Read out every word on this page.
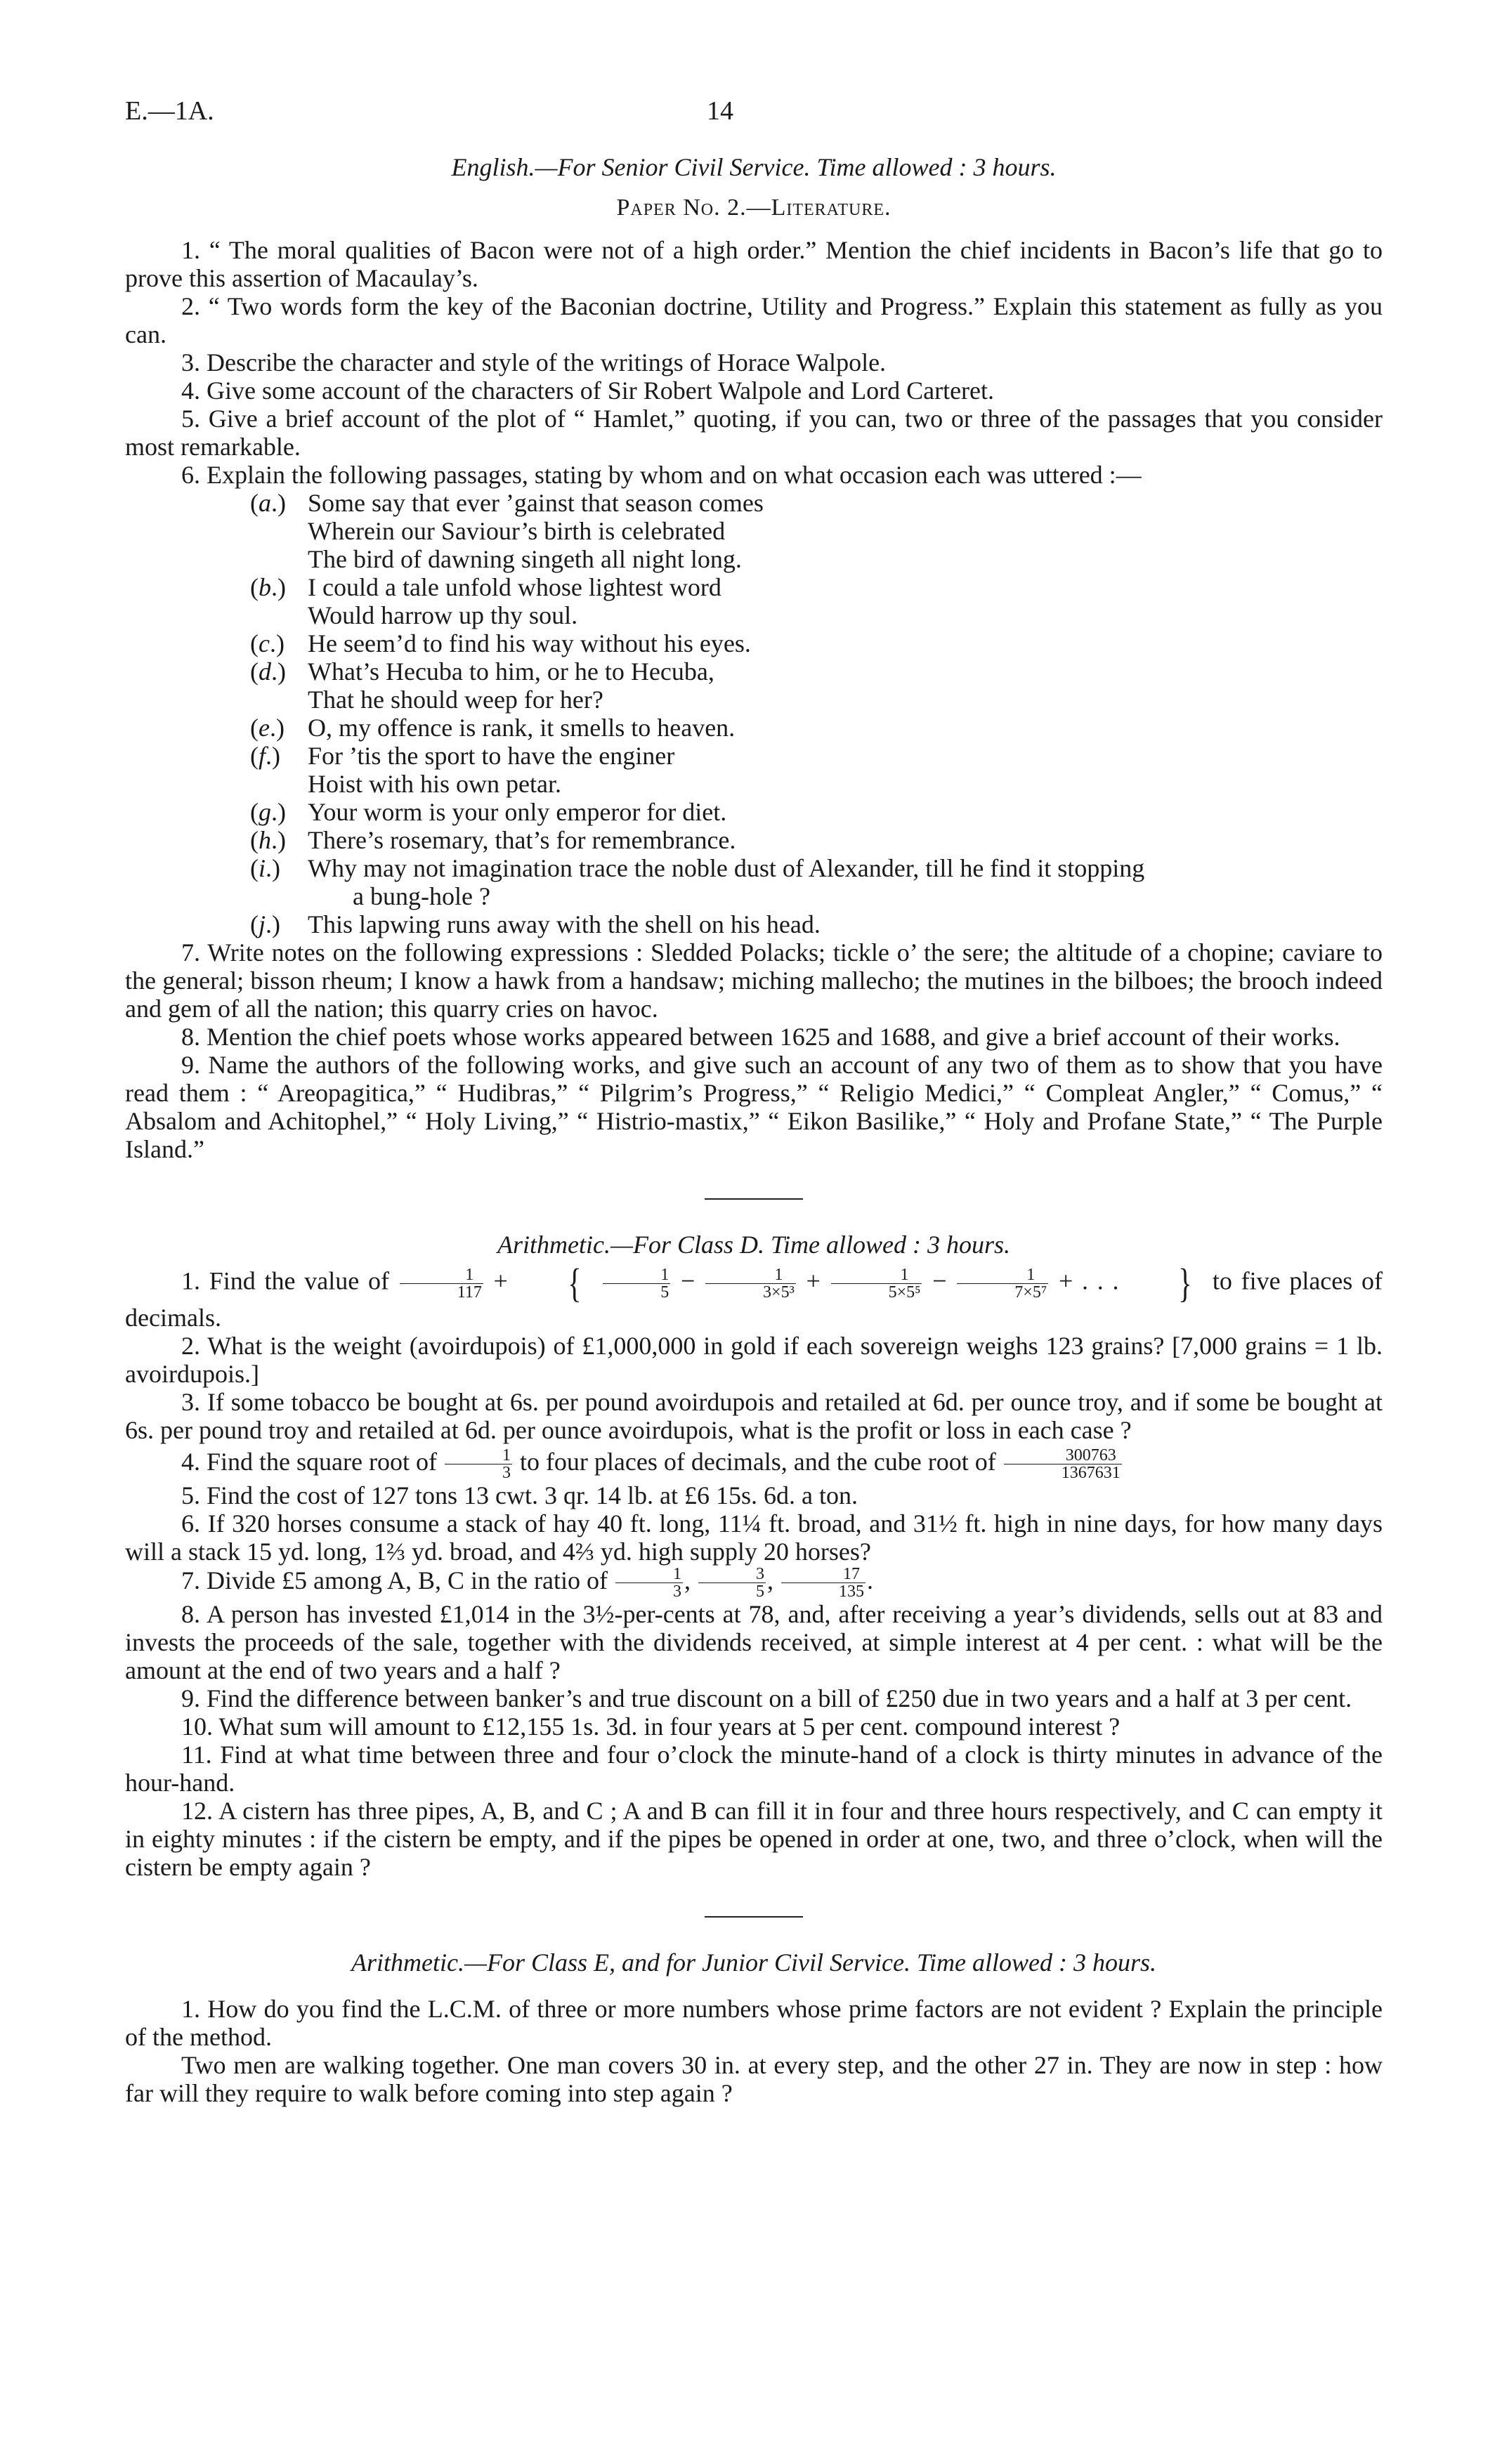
E.—1A.	14
English.—For Senior Civil Service. Time allowed : 3 hours.
Paper No. 2.—Literature.

1. “ The moral qualities of Bacon were not of a high order.” Mention the chief incidents in Bacon’s life that go to prove this assertion of Macaulay’s.

2. “ Two words form the key of the Baconian doctrine, Utility and Progress.” Explain this statement as fully as you can.

3. Describe the character and style of the writings of Horace Walpole.

4. Give some account of the characters of Sir Robert Walpole and Lord Carteret.

5. Give a brief account of the plot of “ Hamlet,” quoting, if you can, two or three of the passages that you consider most remarkable.

6. Explain the following passages, stating by whom and on what occasion each was uttered :—

(a.) Some say that ever ’gainst that season comes
Wherein our Saviour’s birth is celebrated
The bird of dawning singeth all night long.
(b.) I could a tale unfold whose lightest word
Would harrow up thy soul.
(c.) He seem’d to find his way without his eyes.
(d.) What’s Hecuba to him, or he to Hecuba,
That he should weep for her?
(e.) O, my offence is rank, it smells to heaven.
(f.) For ’tis the sport to have the enginer
Hoist with his own petar.
(g.) Your worm is your only emperor for diet.
(h.) There’s rosemary, that’s for remembrance.
(i.) Why may not imagination trace the noble dust of Alexander, till he find it stopping
a bung-hole ?
(j.) This lapwing runs away with the shell on his head.

7. Write notes on the following expressions : Sledded Polacks; tickle o’ the sere; the altitude of a chopine; caviare to the general; bisson rheum; I know a hawk from a handsaw; miching mallecho; the mutines in the bilboes; the brooch indeed and gem of all the nation; this quarry cries on havoc.

8. Mention the chief poets whose works appeared between 1625 and 1688, and give a brief account of their works.

9. Name the authors of the following works, and give such an account of any two of them as to show that you have read them : “ Areopagitica,” “ Hudibras,” “ Pilgrim’s Progress,” “ Religio Medici,” “ Compleat Angler,” “ Comus,” “ Absalom and Achitophel,” “ Holy Living,” “ Histrio-mastix,” “ Eikon Basilike,” “ Holy and Profane State,” “ The Purple Island.”

Arithmetic.—For Class D. Time allowed : 3 hours.

1. Find the value of $\frac{1}{117}$ + { $\frac{1}{5} - \frac{1}{\text{3×5³}} + \frac{1}{\text{5×5⁵}} - \frac{1}{\text{7×5⁷}}$ + . . . } to five places of decimals.

2. What is the weight (avoirdupois) of £1,000,000 in gold if each sovereign weighs 123 grains? [7,000 grains = 1 lb. avoirdupois.]

3. If some tobacco be bought at 6s. per pound avoirdupois and retailed at 6d. per ounce troy, and if some be bought at 6s. per pound troy and retailed at 6d. per ounce avoirdupois, what is the profit or loss in each case ?

4. Find the square root of $\frac{1}{3}$ to four places of decimals, and the cube root of $\frac{300763}{1367631}$

5. Find the cost of 127 tons 13 cwt. 3 qr. 14 lb. at £6 15s. 6d. a ton.

6. If 320 horses consume a stack of hay 40 ft. long, 11¼ ft. broad, and 31½ ft. high in nine days, for how many days will a stack 15 yd. long, 1⅔ yd. broad, and 4⅔ yd. high supply 20 horses?

7. Divide £5 among A, B, C in the ratio of $\frac{1}{3}$ , $\frac{3}{5}$ , $\frac{17}{135}$ .

8. A person has invested £1,014 in the 3½-per-cents at 78, and, after receiving a year’s dividends, sells out at 83 and invests the proceeds of the sale, together with the dividends received, at simple interest at 4 per cent. : what will be the amount at the end of two years and a half ?

9. Find the difference between banker’s and true discount on a bill of £250 due in two years and a half at 3 per cent.

10. What sum will amount to £12,155 1s. 3d. in four years at 5 per cent. compound interest ?

11. Find at what time between three and four o’clock the minute-hand of a clock is thirty minutes in advance of the hour-hand.

12. A cistern has three pipes, A, B, and C ; A and B can fill it in four and three hours respectively, and C can empty it in eighty minutes : if the cistern be empty, and if the pipes be opened in order at one, two, and three o’clock, when will the cistern be empty again ?

Arithmetic.—For Class E, and for Junior Civil Service. Time allowed : 3 hours.

1. How do you find the L.C.M. of three or more numbers whose prime factors are not evident ? Explain the principle of the method.

Two men are walking together. One man covers 30 in. at every step, and the other 27 in. They are now in step : how far will they require to walk before coming into step again ?
